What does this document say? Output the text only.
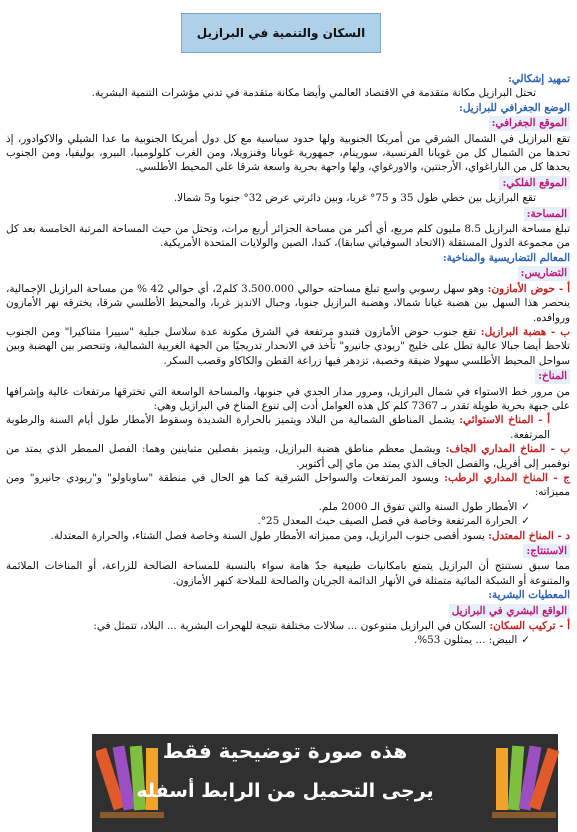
السكان والتنمية في البرازيل

تمهيد إشكالي:

تحتل البرازيل مكانة متقدمة في الاقتصاد العالمي وأيضا مكانة متقدمة في تدني مؤشرات التنمية البشرية.

الوضع الجغرافي للبرازيل:

الموقع الجغرافي:

تقع البرازيل في الشمال الشرقي من أمريكا الجنوبية ولها حدود سياسية مع كل دول أمريكا الجنوبية ما عدا الشيلي والاكوادور، إذ تحدها من الشمال كل من غويانا الفرنسية، سورينام، جمهورية غويانا وفنزويلا، ومن الغرب كلولومبيا، البيرو، بوليفيا، ومن الجنوب يحدها كل من الباراغواي، الأرجنتين، والاورغواي، ولها واجهة بحرية واسعة شرقا على المحيط الأطلسي.

الموقع الفلكي:

تقع البرازيل بين خطي طول 35 و 75° غربا، وبين دائرتي عرض 32° جنوبا و5 شمالا.

المساحة:

تبلغ مساحة البرازيل 8.5 مليون كلم مربع، أي أكبر من مساحة الجزائر أربع مرات، وتحتل من حيث المساحة المرتبة الخامسة بعد كل من مجموعة الدول المستقلة (الاتحاد السوفياتي سابقا)، كندا، الصين والولايات المتحدة الأمريكية.

المعالم التضاريسية والمناخية:

التضاريس:

أ - حوض الأمازون: وهو سهل رسوبي واسع تبلغ مساحته حوالي 3.500.000 كلم2، أي حوالي 42 % من مساحة البرازيل الإجمالية، ينحصر هذا السهل بين هضبة غيانا شمالا، وهضبة البرازيل جنوبا، وجبال الانديز غربا، والمحيط الأطلسي شرقا، يخترقه نهر الأمازون وروافده.

ب - هضبة البرازيل: تقع جنوب حوض الأمازون فتبدو مرتفعة في الشرق مكونة عدة سلاسل جبلية "سييرا متناكيرا" ومن الجنوب تلاحظ أيضا جبالا عالية تطل على خليج "ريودي جانيرو" تأخذ في الانحدار تدريجيًا من الجهة الغربية الشمالية، وتنحصر بين الهضبة وبين سواحل المحيط الأطلسي سهولا ضيقة وخصبة، تزدهر فيها زراعة القطن والكاكاو وقصب السكر.

المناخ:

من مرور خط الاستواء في شمال البرازيل، ومرور مدار الجدي في جنوبها، والمساحة الواسعة التي تخترقها مرتفعات عالية وإشرافها على جبهة بحرية طويلة تقدر بـ 7367 كلم كل هذه العوامل أدت إلى تنوع المناخ في البرازيل وهي:

أ - المناخ الاستوائي: يشمل المناطق الشمالية من البلاد ويتميز بالحرارة الشديدة وسقوط الأمطار طول أيام السنة والرطوبة المرتفعة.

ب - المناخ المداري الجاف: ويشمل معظم مناطق هضبة البرازيل، ويتميز بفصلين متباينين وهما: الفصل الممطر الذي يمتد من نوفمبر إلى أفريل، والفصل الجاف الذي يمتد من ماي إلى أكتوبر.

ج - المناخ المداري الرطب: ويسود المرتفعات والسواحل الشرقية كما هو الحال في منطقة "ساوباولو" و"ريودي جانيرو" ومن مميزاته:

✓الأمطار طول السنة والتي تفوق الـ 2000 ملم.

✓الحرارة المرتفعة وخاصة في فصل الصيف حيث المعدل 25°.

د - المناخ المعتدل: يسود أقصى جنوب البرازيل، ومن مميزاته الأمطار طول السنة وخاصة فصل الشتاء، والحرارة المعتدلة.

الاستنتاج:

مما سبق نستنتج أن البرازيل يتمتع بامكانيات طبيعية جدّ هامة سواء بالنسبة للمساحة الصالحة للزراعة، أو المناخات الملائمة والمتنوعة أو الشبكة المائية متمثلة في الأنهار الدائمة الجريان والصالحة للملاحة كنهر الأمازون.

المعطيات البشرية:

الواقع البشري في البرازيل

أ - تركيب السكان: السكان في البرازيل متنوعون ... سلالات مختلفة نتيجة للهجرات البشرية ... البلاد، تتمثل في:

✓البيض: ... يمثلون 53%.

هذه صورة توضيحية فقط
يرجى التحميل من الرابط أسفله
